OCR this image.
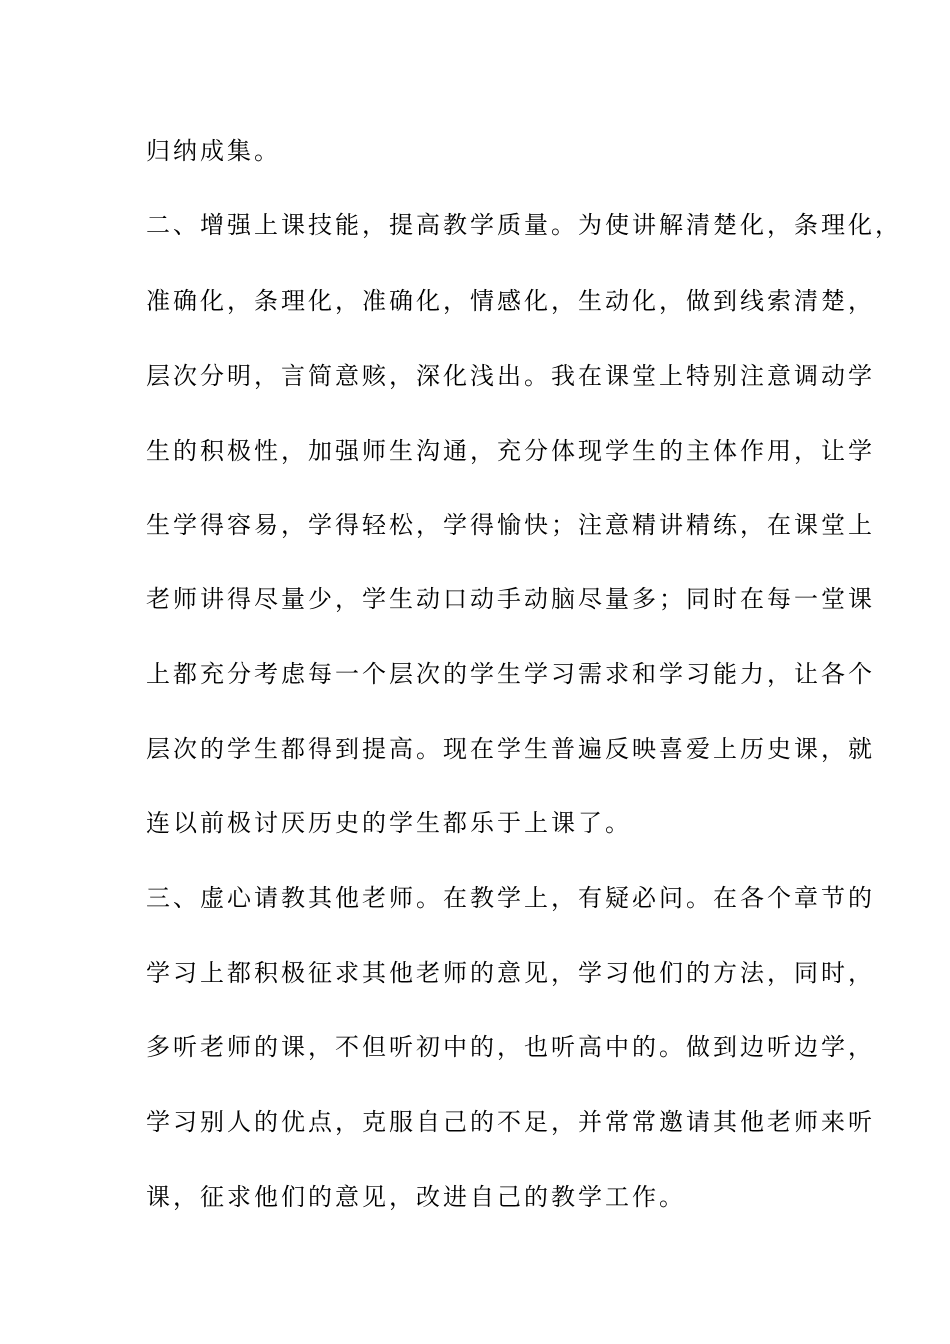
归纳成集。
二、增强上课技能，提高教学质量。为使讲解清楚化，条理化，
准确化，条理化，准确化，情感化，生动化，做到线索清楚，
层次分明，言简意赅，深化浅出。我在课堂上特别注意调动学
生的积极性，加强师生沟通，充分体现学生的主体作用，让学
生学得容易，学得轻松，学得愉快；注意精讲精练，在课堂上
老师讲得尽量少，学生动口动手动脑尽量多；同时在每一堂课
上都充分考虑每一个层次的学生学习需求和学习能力，让各个
层次的学生都得到提高。现在学生普遍反映喜爱上历史课，就
连以前极讨厌历史的学生都乐于上课了。
三、虚心请教其他老师。在教学上，有疑必问。在各个章节的
学习上都积极征求其他老师的意见，学习他们的方法，同时，
多听老师的课，不但听初中的，也听高中的。做到边听边学，
学习别人的优点，克服自己的不足，并常常邀请其他老师来听
课，征求他们的意见，改进自己的教学工作。
